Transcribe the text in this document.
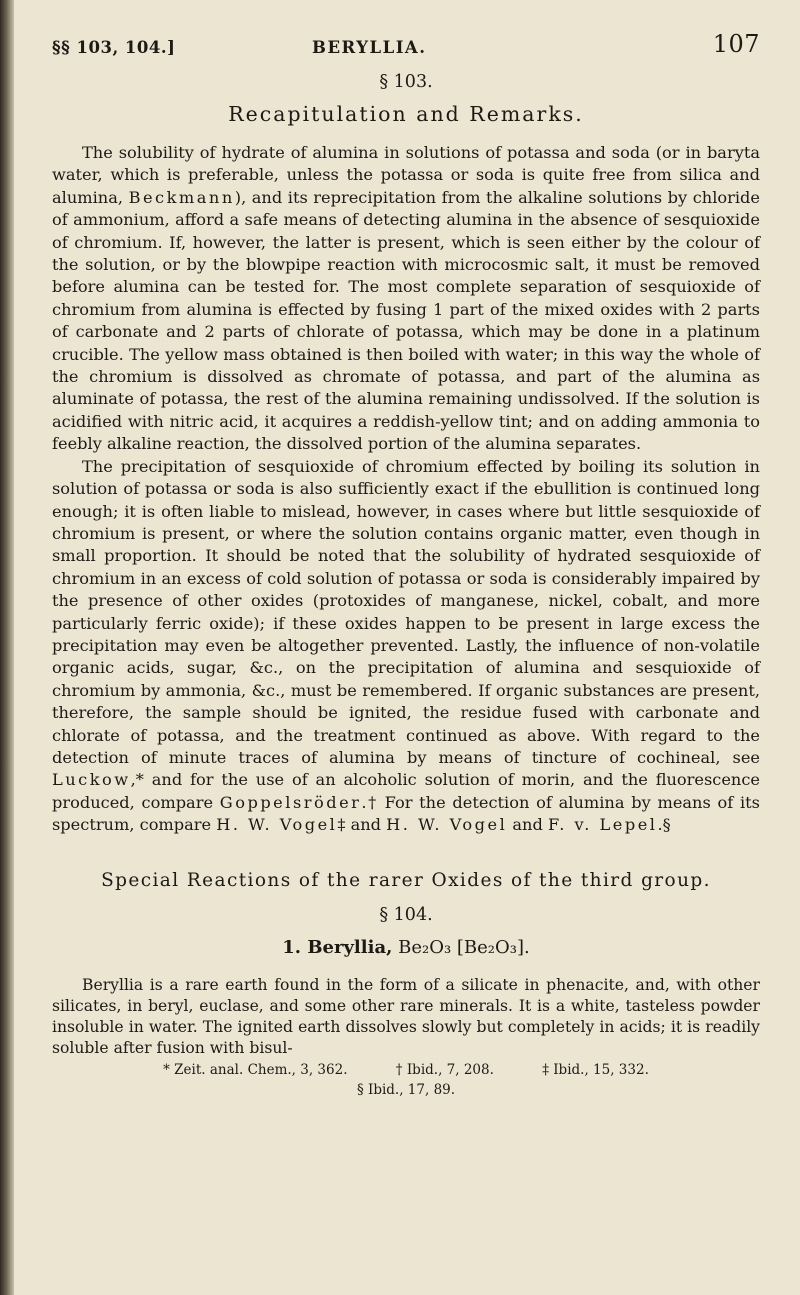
§§ 103, 104.]	BERYLLIA.	107
§ 103.
Recapitulation and Remarks.

The solubility of hydrate of alumina in solutions of potassa and soda (or in baryta water, which is preferable, unless the potassa or soda is quite free from silica and alumina, Beckmann), and its reprecipitation from the alkaline solutions by chloride of ammonium, afford a safe means of detecting alumina in the absence of sesquioxide of chromium. If, however, the latter is present, which is seen either by the colour of the solution, or by the blowpipe reaction with microcosmic salt, it must be removed before alumina can be tested for. The most complete separation of sesquioxide of chromium from alumina is effected by fusing 1 part of the mixed oxides with 2 parts of carbonate and 2 parts of chlorate of potassa, which may be done in a platinum crucible. The yellow mass obtained is then boiled with water; in this way the whole of the chromium is dissolved as chromate of potassa, and part of the alumina as aluminate of potassa, the rest of the alumina remaining undissolved. If the solution is acidified with nitric acid, it acquires a reddish-yellow tint; and on adding ammonia to feebly alkaline reaction, the dissolved portion of the alumina separates.

The precipitation of sesquioxide of chromium effected by boiling its solution in solution of potassa or soda is also sufficiently exact if the ebullition is continued long enough; it is often liable to mislead, however, in cases where but little sesquioxide of chromium is present, or where the solution contains organic matter, even though in small proportion. It should be noted that the solubility of hydrated sesquioxide of chromium in an excess of cold solution of potassa or soda is considerably impaired by the presence of other oxides (protoxides of manganese, nickel, cobalt, and more particularly ferric oxide); if these oxides happen to be present in large excess the precipitation may even be altogether prevented. Lastly, the influence of non-volatile organic acids, sugar, &c., on the precipitation of alumina and sesquioxide of chromium by ammonia, &c., must be remembered. If organic substances are present, therefore, the sample should be ignited, the residue fused with carbonate and chlorate of potassa, and the treatment continued as above. With regard to the detection of minute traces of alumina by means of tincture of cochineal, see Luckow,* and for the use of an alcoholic solution of morin, and the fluorescence produced, compare Goppelsröder.† For the detection of alumina by means of its spectrum, compare H. W. Vogel‡ and H. W. Vogel and F. v. Lepel.§

Special Reactions of the rarer Oxides of the third group.
§ 104.
1. Beryllia, Be₂O₃ [Be₂O₃].

Beryllia is a rare earth found in the form of a silicate in phenacite, and, with other silicates, in beryl, euclase, and some other rare minerals. It is a white, tasteless powder insoluble in water. The ignited earth dissolves slowly but completely in acids; it is readily soluble after fusion with bisul-

* Zeit. anal. Chem., 3, 362.	† Ibid., 7, 208.	‡ Ibid., 15, 332.
§ Ibid., 17, 89.
